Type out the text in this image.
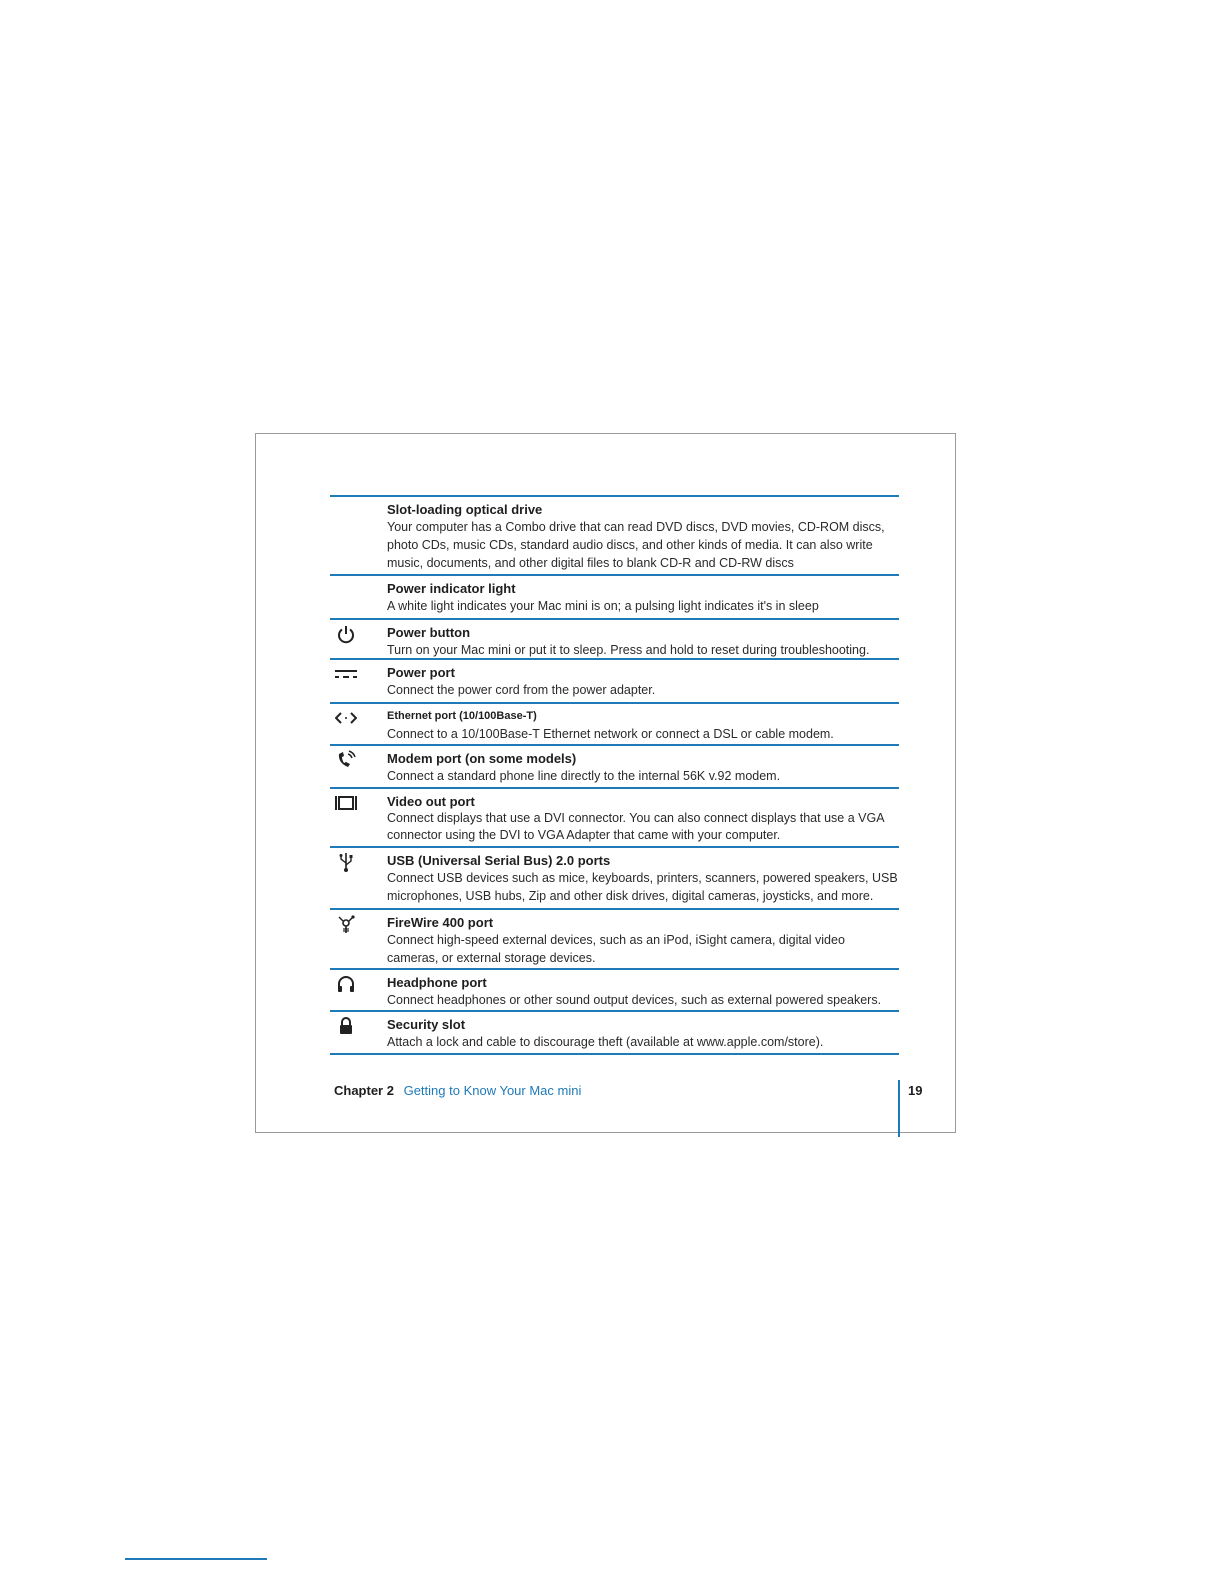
Slot-loading optical drive
Your computer has a Combo drive that can read DVD discs, DVD movies, CD-ROM discs, photo CDs, music CDs, standard audio discs, and other kinds of media. It can also write music, documents, and other digital files to blank CD-R and CD-RW discs
Power indicator light
A white light indicates your Mac mini is on; a pulsing light indicates it's in sleep
Power button
Turn on your Mac mini or put it to sleep. Press and hold to reset during troubleshooting.
Power port
Connect the power cord from the power adapter.
Ethernet port (10/100Base-T)
Connect to a 10/100Base-T Ethernet network or connect a DSL or cable modem.
Modem port (on some models)
Connect a standard phone line directly to the internal 56K v.92 modem.
Video out port
Connect displays that use a DVI connector. You can also connect displays that use a VGA connector using the DVI to VGA Adapter that came with your computer.
USB (Universal Serial Bus) 2.0 ports
Connect USB devices such as mice, keyboards, printers, scanners, powered speakers, USB microphones, USB hubs, Zip and other disk drives, digital cameras, joysticks, and more.
FireWire 400 port
Connect high-speed external devices, such as an iPod, iSight camera, digital video cameras, or external storage devices.
Headphone port
Connect headphones or other sound output devices, such as external powered speakers.
Security slot
Attach a lock and cable to discourage theft (available at www.apple.com/store).
Chapter 2 Getting to Know Your Mac mini	19
